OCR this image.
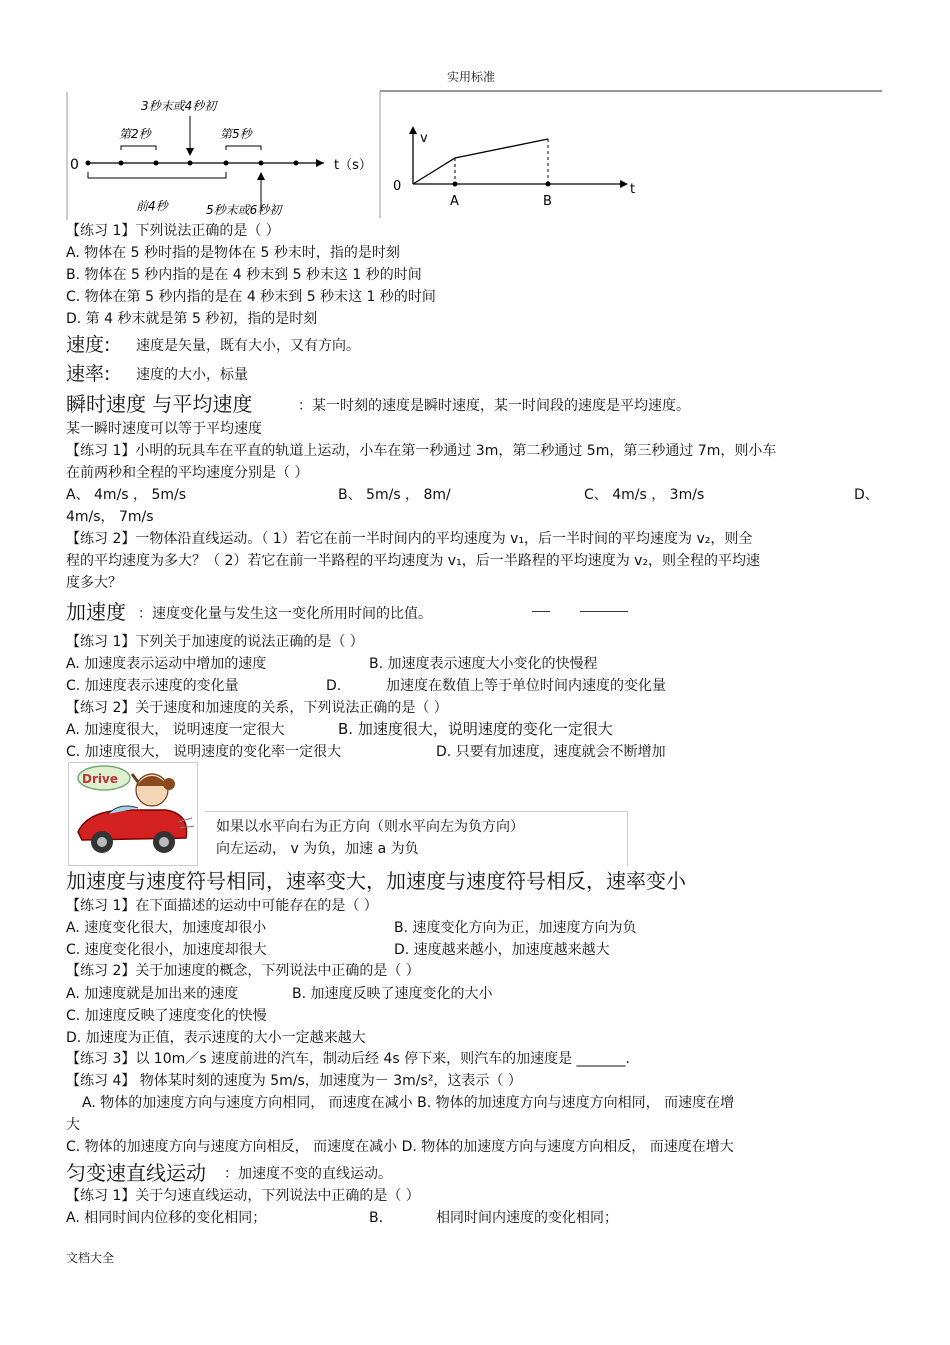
实用标准
0	t（s）
3秒末或4秒初
第2秒	第5秒
前4秒	5秒末或6秒初
v
t
0
A	B
【练习 1】下列说法正确的是（ ）
A. 物体在 5 秒时指的是物体在 5 秒末时，指的是时刻
B. 物体在 5 秒内指的是在 4 秒末到 5 秒末这 1 秒的时间
C. 物体在第 5 秒内指的是在 4 秒末到 5 秒末这 1 秒的时间
D. 第 4 秒末就是第 5 秒初，指的是时刻
速度: 速度是矢量，既有大小，又有方向。
速率: 速度的大小，标量
瞬时速度 与平均速度	：某一时刻的速度是瞬时速度，某一时间段的速度是平均速度。
某一瞬时速度可以等于平均速度
【练习 1】小明的玩具车在平直的轨道上运动，小车在第一秒通过 3m，第二秒通过 5m，第三秒通过 7m，则小车
在前两秒和全程的平均速度分别是（ ）
A、 4m/s ， 5m/s	B、 5m/s ， 8m/	C、 4m/s ， 3m/s	D、
4m/s， 7m/s
【练习 2】一物体沿直线运动。（ 1）若它在前一半时间内的平均速度为 v₁，后一半时间的平均速度为 v₂，则全
程的平均速度为多大？（ 2）若它在前一半路程的平均速度为 v₁，后一半路程的平均速度为 v₂，则全程的平均速
度多大？
加速度 ：速度变化量与发生这一变化所用时间的比值。
【练习 1】下列关于加速度的说法正确的是（ ）
A. 加速度表示运动中增加的速度	B. 加速度表示速度大小变化的快慢程
C. 加速度表示速度的变化量	D.	加速度在数值上等于单位时间内速度的变化量
【练习 2】关于速度和加速度的关系，下列说法正确的是（ ）
A. 加速度很大， 说明速度一定很大	B. 加速度很大，说明速度的变化一定很大
C. 加速度很大， 说明速度的变化率一定很大	D. 只要有加速度，速度就会不断增加
Drive
如果以水平向右为正方向（则水平向左为负方向）
向左运动， v 为负，加速 a 为负
加速度与速度符号相同，速率变大，加速度与速度符号相反，速率变小
【练习 1】在下面描述的运动中可能存在的是（ ）
A. 速度变化很大，加速度却很小	B. 速度变化方向为正，加速度方向为负
C. 速度变化很小，加速度却很大	D. 速度越来越小，加速度越来越大
【练习 2】关于加速度的概念，下列说法中正确的是（ ）
A. 加速度就是加出来的速度	B. 加速度反映了速度变化的大小
C. 加速度反映了速度变化的快慢
D. 加速度为正值，表示速度的大小一定越来越大
【练习 3】以 10m／s 速度前进的汽车，制动后经 4s 停下来，则汽车的加速度是 _______.
【练习 4】 物体某时刻的速度为 5m/s，加速度为－ 3m/s²，这表示（ ）
A. 物体的加速度方向与速度方向相同， 而速度在减小 B. 物体的加速度方向与速度方向相同， 而速度在增
大
C. 物体的加速度方向与速度方向相反， 而速度在减小 D. 物体的加速度方向与速度方向相反， 而速度在增大
匀变速直线运动 ：加速度不变的直线运动。
【练习 1】关于匀速直线运动，下列说法中正确的是（ ）
A. 相同时间内位移的变化相同；	B.	相同时间内速度的变化相同；
文档大全
